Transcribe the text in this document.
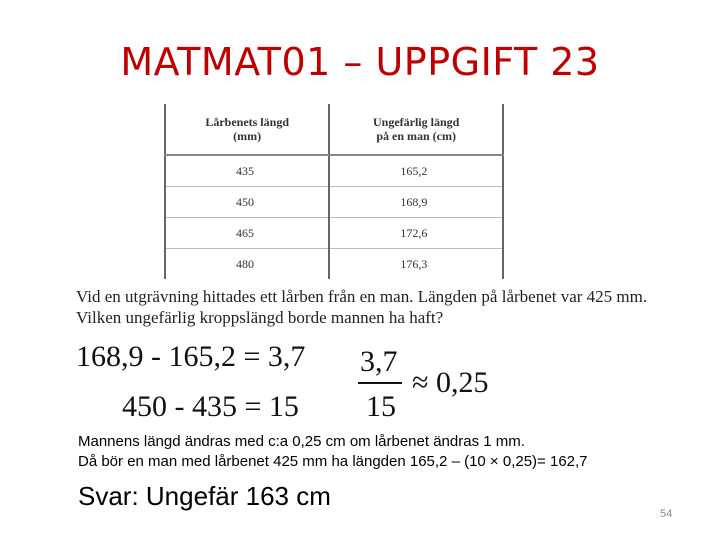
MATMAT01 – UPPGIFT 23
Lårbenets längd
(mm)	Ungefärlig längd
på en man (cm)
435	165,2
450	168,9
465	172,6
480	176,3
Vid en utgrävning hittades ett lårben från en man. Längden på lårbenet var 425 mm. Vilken ungefärlig kroppslängd borde mannen ha haft?
168,9 - 165,2 = 3,7
450 - 435 = 15
3,7
15
≈ 0,25
Mannens längd ändras med c:a 0,25 cm om lårbenet ändras 1 mm.
Då bör en man med lårbenet 425 mm ha längden 165,2 – (10 × 0,25)= 162,7
Svar: Ungefär 163 cm
54
